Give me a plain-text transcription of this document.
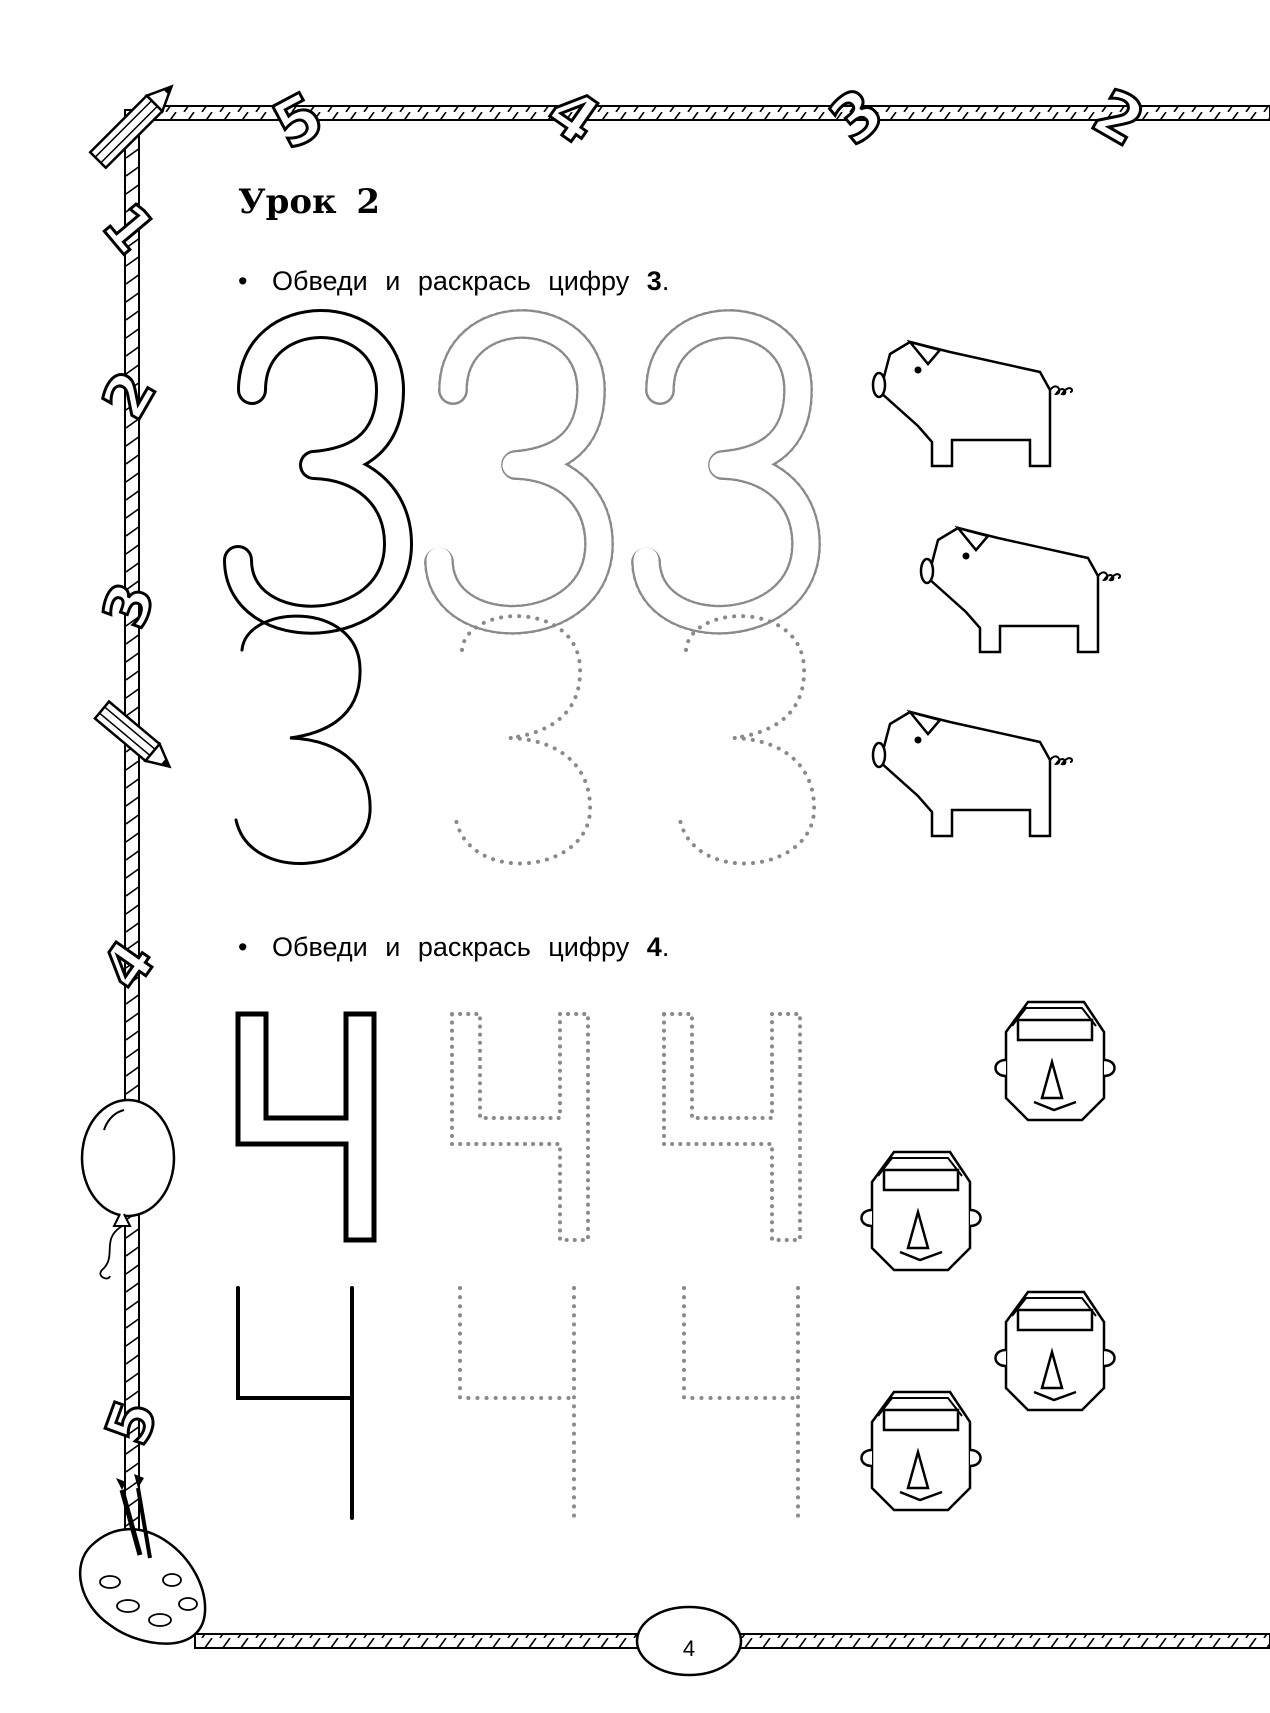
5	4	3	2
1
2
3
4
5
Урок 2
• Обведи и раскрась цифру 3.
• Обведи и раскрась цифру 4.
4
